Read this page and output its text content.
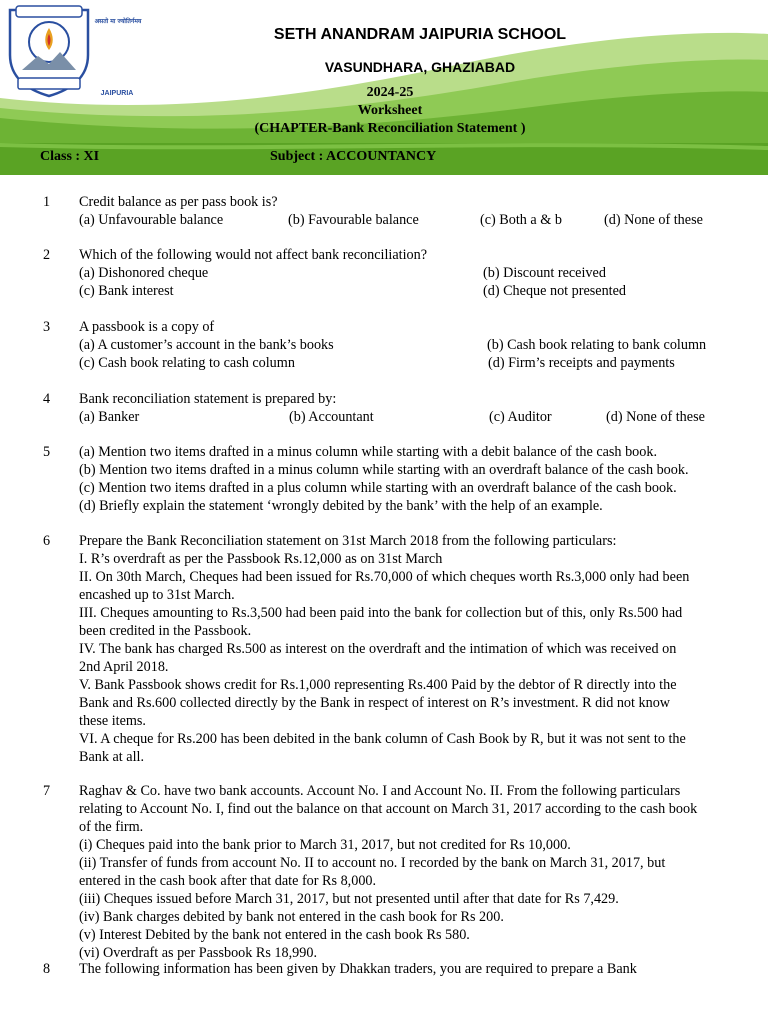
असतो मा ज्योतिर्गमय
JAIPURIA
SETH ANANDRAM JAIPURIA SCHOOL
VASUNDHARA, GHAZIABAD
2024-25
Worksheet
(CHAPTER-Bank Reconciliation Statement )
Class : XI	Subject : ACCOUNTANCY
1	Credit balance as per pass book is?
(a) Unfavourable balance	(b) Favourable balance	(c) Both a & b	(d) None of these
2	Which of the following would not affect bank reconciliation?
(a) Dishonored cheque	(b) Discount received
(c) Bank interest	(d) Cheque not presented
3	A passbook is a copy of
(a) A customer’s account in the bank’s books	(b) Cash book relating to bank column
(c) Cash book relating to cash column	(d) Firm’s receipts and payments
4	Bank reconciliation statement is prepared by:
(a) Banker	(b) Accountant	(c) Auditor	(d) None of these
5	(a) Mention two items drafted in a minus column while starting with a debit balance of the cash book.
(b) Mention two items drafted in a minus column while starting with an overdraft balance of the cash book.
(c) Mention two items drafted in a plus column while starting with an overdraft balance of the cash book.
(d) Briefly explain the statement ‘wrongly debited by the bank’ with the help of an example.
6	Prepare the Bank Reconciliation statement on 31st March 2018 from the following particulars:
I. R’s overdraft as per the Passbook Rs.12,000 as on 31st March
II. On 30th March, Cheques had been issued for Rs.70,000 of which cheques worth Rs.3,000 only had been
encashed up to 31st March.
III. Cheques amounting to Rs.3,500 had been paid into the bank for collection but of this, only Rs.500 had
been credited in the Passbook.
IV. The bank has charged Rs.500 as interest on the overdraft and the intimation of which was received on
2nd April 2018.
V. Bank Passbook shows credit for Rs.1,000 representing Rs.400 Paid by the debtor of R directly into the
Bank and Rs.600 collected directly by the Bank in respect of interest on R’s investment. R did not know
these items.
VI. A cheque for Rs.200 has been debited in the bank column of Cash Book by R, but it was not sent to the
Bank at all.
7	Raghav & Co. have two bank accounts. Account No. I and Account No. II. From the following particulars
relating to Account No. I, find out the balance on that account on March 31, 2017 according to the cash book
of the firm.
(i) Cheques paid into the bank prior to March 31, 2017, but not credited for Rs 10,000.
(ii) Transfer of funds from account No. II to account no. I recorded by the bank on March 31, 2017, but
entered in the cash book after that date for Rs 8,000.
(iii) Cheques issued before March 31, 2017, but not presented until after that date for Rs 7,429.
(iv) Bank charges debited by bank not entered in the cash book for Rs 200.
(v) Interest Debited by the bank not entered in the cash book Rs 580.
(vi) Overdraft as per Passbook Rs 18,990.
8	The following information has been given by Dhakkan traders, you are required to prepare a Bank
